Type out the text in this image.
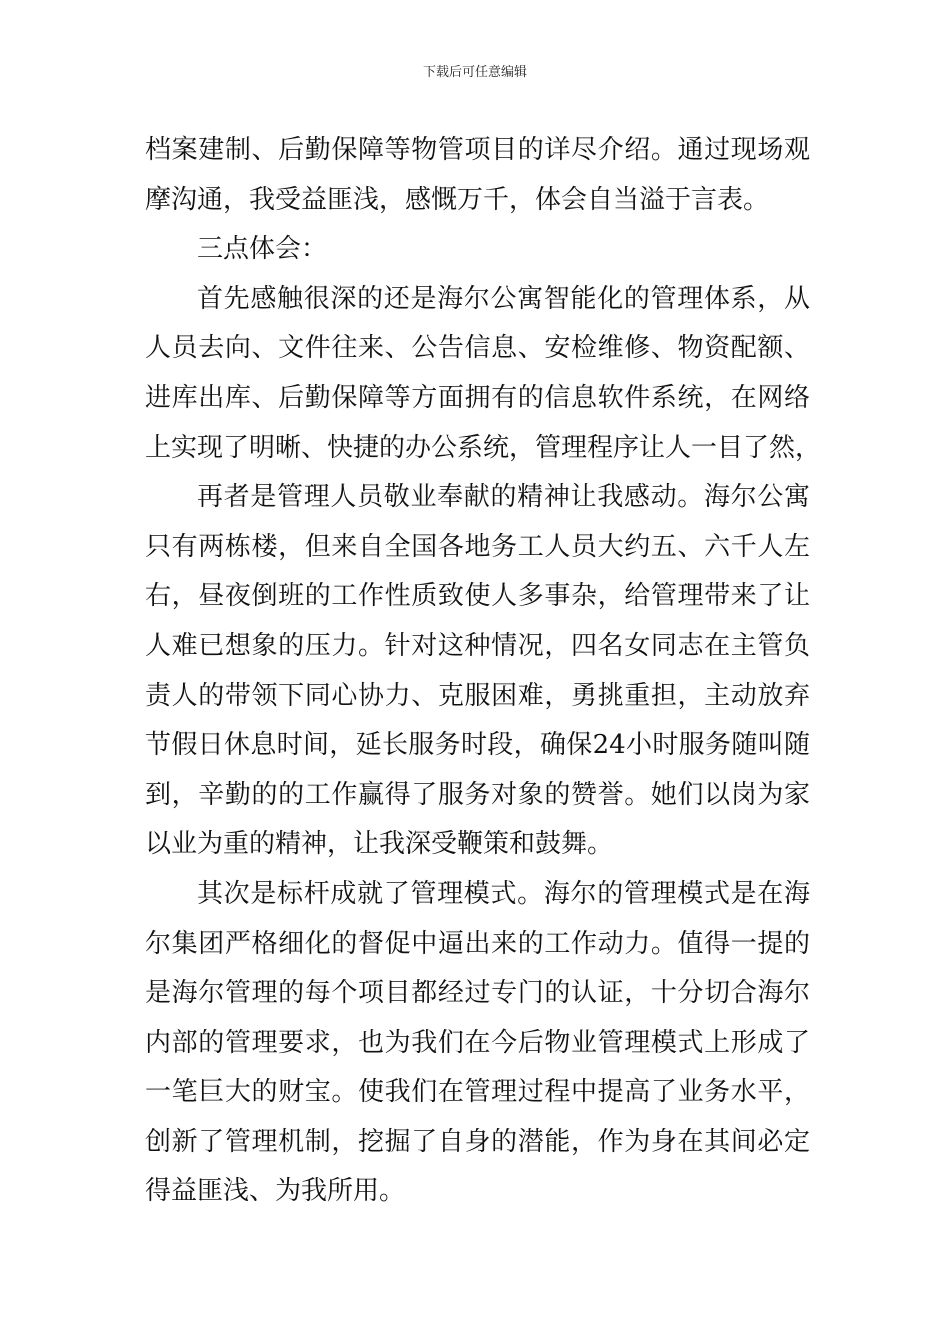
下载后可任意编辑
档案建制、后勤保障等物管项目的详尽介绍。通过现场观
摩沟通，我受益匪浅，感慨万千，体会自当溢于言表。
三点体会：
首先感触很深的还是海尔公寓智能化的管理体系，从
人员去向、文件往来、公告信息、安检维修、物资配额、
进库出库、后勤保障等方面拥有的信息软件系统，在网络
上实现了明晰、快捷的办公系统，管理程序让人一目了然，
再者是管理人员敬业奉献的精神让我感动。海尔公寓
只有两栋楼，但来自全国各地务工人员大约五、六千人左
右，昼夜倒班的工作性质致使人多事杂，给管理带来了让
人难已想象的压力。针对这种情况，四名女同志在主管负
责人的带领下同心协力、克服困难，勇挑重担，主动放弃
节假日休息时间，延长服务时段，确保24小时服务随叫随
到，辛勤的的工作赢得了服务对象的赞誉。她们以岗为家
以业为重的精神，让我深受鞭策和鼓舞。
其次是标杆成就了管理模式。海尔的管理模式是在海
尔集团严格细化的督促中逼出来的工作动力。值得一提的
是海尔管理的每个项目都经过专门的认证，十分切合海尔
内部的管理要求，也为我们在今后物业管理模式上形成了
一笔巨大的财宝。使我们在管理过程中提高了业务水平，
创新了管理机制，挖掘了自身的潜能，作为身在其间必定
得益匪浅、为我所用。
